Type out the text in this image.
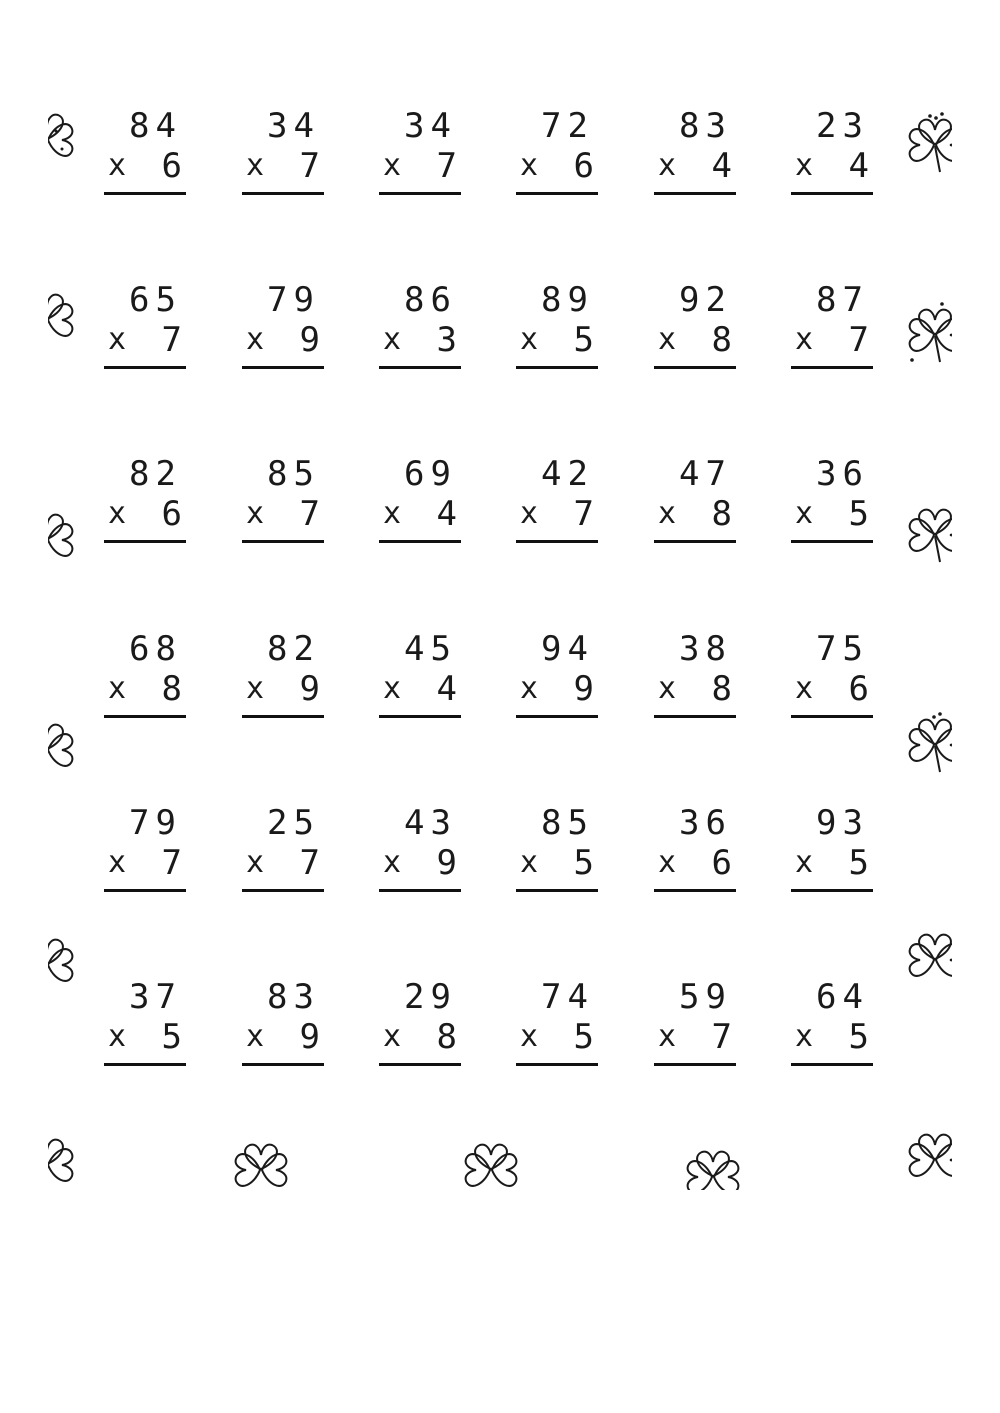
84
x 6
34
x 7
34
x 7
72
x 6
83
x 4
23
x 4
65
x 7
79
x 9
86
x 3
89
x 5
92
x 8
87
x 7
82
x 6
85
x 7
69
x 4
42
x 7
47
x 8
36
x 5
68
x 8
82
x 9
45
x 4
94
x 9
38
x 8
75
x 6
79
x 7
25
x 7
43
x 9
85
x 5
36
x 6
93
x 5
37
x 5
83
x 9
29
x 8
74
x 5
59
x 7
64
x 5
